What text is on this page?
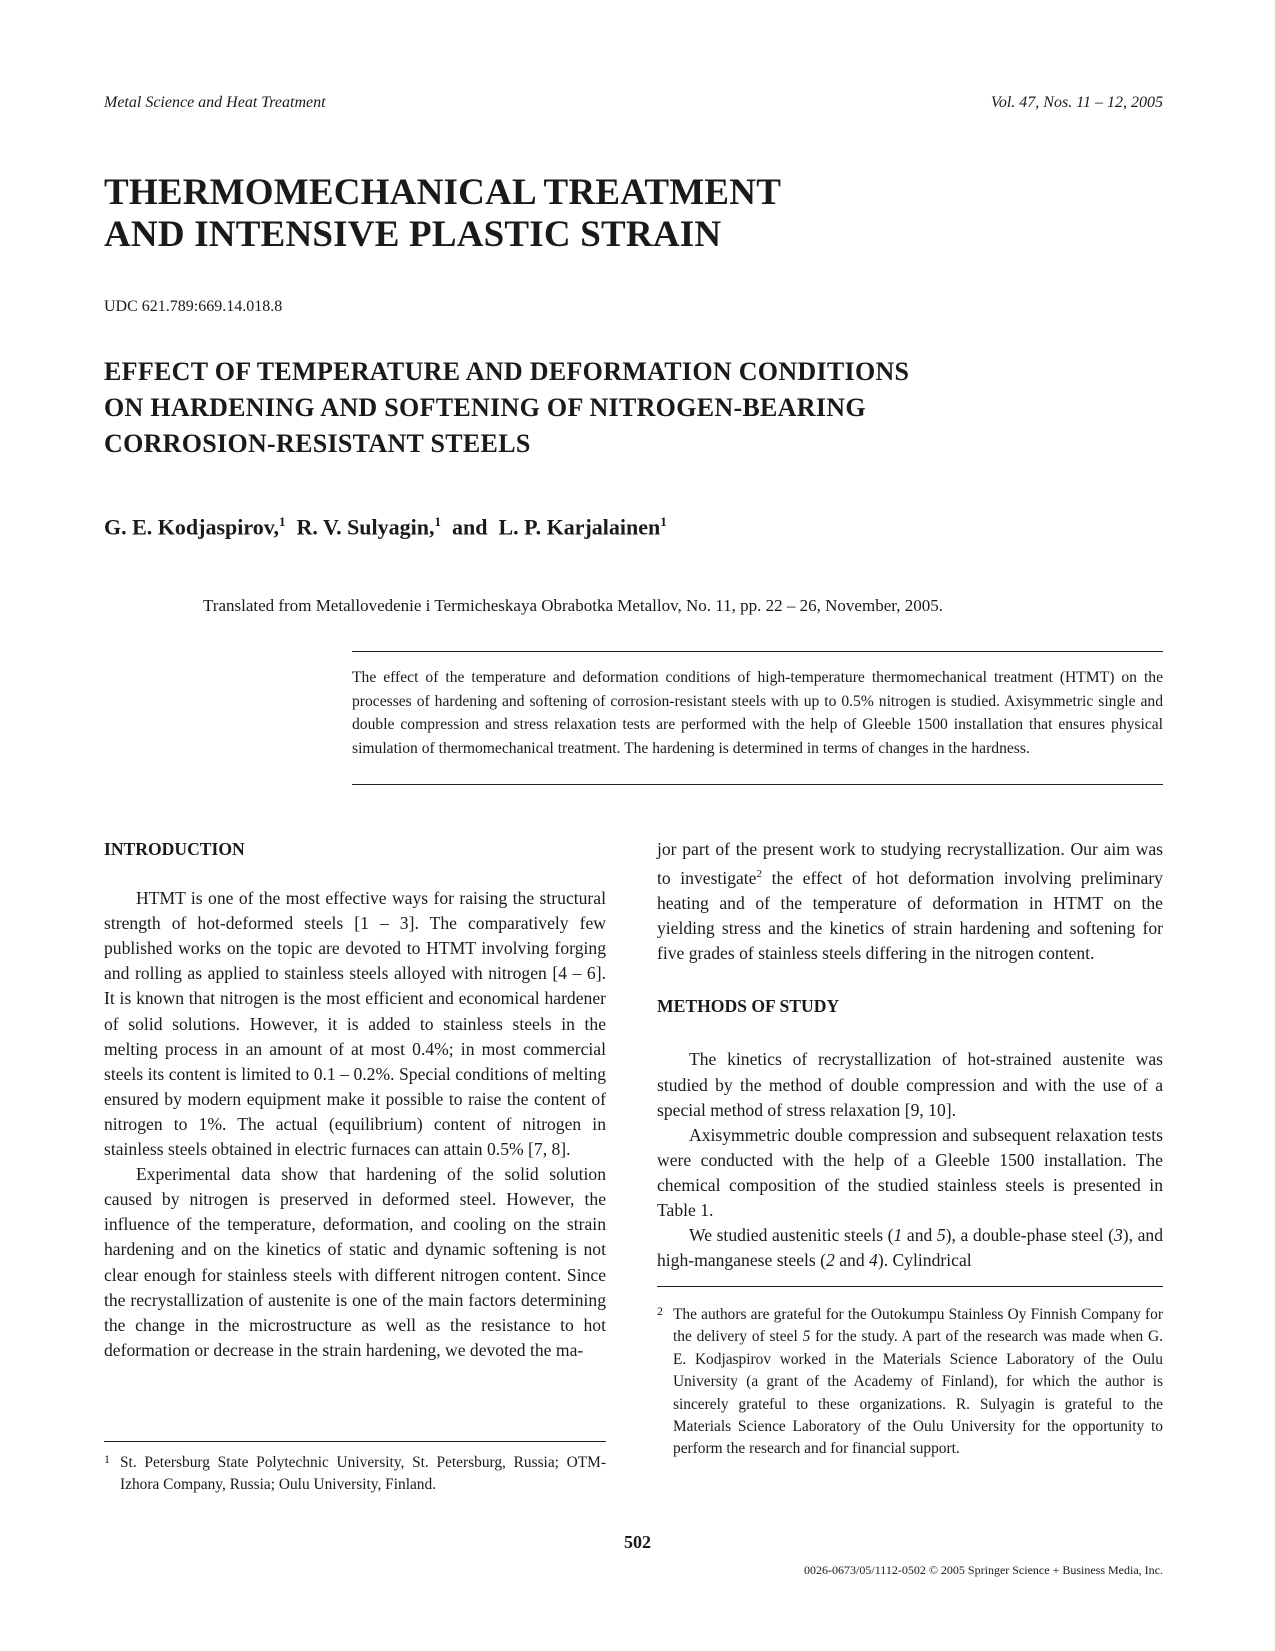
Metal Science and Heat Treatment	Vol. 47, Nos. 11 – 12, 2005
THERMOMECHANICAL TREATMENT
AND INTENSIVE PLASTIC STRAIN
UDC 621.789:669.14.018.8
EFFECT OF TEMPERATURE AND DEFORMATION CONDITIONS
ON HARDENING AND SOFTENING OF NITROGEN-BEARING
CORROSION-RESISTANT STEELS
G. E. Kodjaspirov,$^1$ R. V. Sulyagin,$^1$ and L. P. Karjalainen$^1$
Translated from Metallovedenie i Termicheskaya Obrabotka Metallov, No. 11, pp. 22 – 26, November, 2005.
The effect of the temperature and deformation conditions of high-temperature thermomechanical treatment (HTMT) on the processes of hardening and softening of corrosion-resistant steels with up to 0.5% nitrogen is studied. Axisymmetric single and double compression and stress relaxation tests are performed with the help of Gleeble 1500 installation that ensures physical simulation of thermomechanical treatment. The hardening is determined in terms of changes in the hardness.
INTRODUCTION

HTMT is one of the most effective ways for raising the structural strength of hot-deformed steels [1 – 3]. The comparatively few published works on the topic are devoted to HTMT involving forging and rolling as applied to stainless steels alloyed with nitrogen [4 – 6]. It is known that nitrogen is the most efficient and economical hardener of solid solutions. However, it is added to stainless steels in the melting process in an amount of at most 0.4%; in most commercial steels its content is limited to 0.1 – 0.2%. Special conditions of melting ensured by modern equipment make it possible to raise the content of nitrogen to 1%. The actual (equilibrium) content of nitrogen in stainless steels obtained in electric furnaces can attain 0.5% [7, 8].

Experimental data show that hardening of the solid solution caused by nitrogen is preserved in deformed steel. However, the influence of the temperature, deformation, and cooling on the strain hardening and on the kinetics of static and dynamic softening is not clear enough for stainless steels with different nitrogen content. Since the recrystallization of austenite is one of the main factors determining the change in the microstructure as well as the resistance to hot deformation or decrease in the strain hardening, we devoted the ma-

1 St. Petersburg State Polytechnic University, St. Petersburg, Russia; OTM-Izhora Company, Russia; Oulu University, Finland.

jor part of the present work to studying recrystallization. Our aim was to investigate$^2$ the effect of hot deformation involving preliminary heating and of the temperature of deformation in HTMT on the yielding stress and the kinetics of strain hardening and softening for five grades of stainless steels differing in the nitrogen content.

METHODS OF STUDY

The kinetics of recrystallization of hot-strained austenite was studied by the method of double compression and with the use of a special method of stress relaxation [9, 10].

Axisymmetric double compression and subsequent relaxation tests were conducted with the help of a Gleeble 1500 installation. The chemical composition of the studied stainless steels is presented in Table 1.

We studied austenitic steels (1 and 5), a double-phase steel (3), and high-manganese steels (2 and 4). Cylindrical

2 The authors are grateful for the Outokumpu Stainless Oy Finnish Company for the delivery of steel 5 for the study. A part of the research was made when G. E. Kodjaspirov worked in the Materials Science Laboratory of the Oulu University (a grant of the Academy of Finland), for which the author is sincerely grateful to these organizations. R. Sulyagin is grateful to the Materials Science Laboratory of the Oulu University for the opportunity to perform the research and for financial support.
502
0026-0673/05/1112-0502 © 2005 Springer Science + Business Media, Inc.
